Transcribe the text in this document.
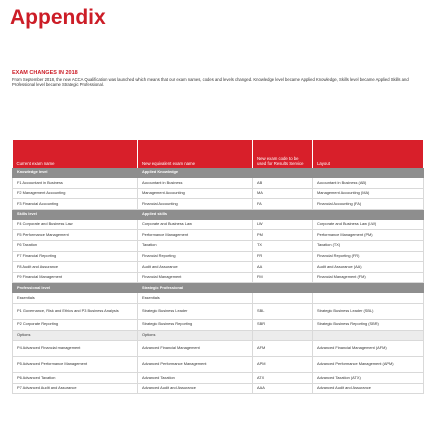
Appendix
EXAM CHANGES IN 2018
From September 2018, the new ACCA Qualification was launched which means that our exam names, codes and levels changed. Knowledge level became Applied Knowledge, Skills level became Applied Skills and Professional level became Strategic Professional.
Current exam name	New equivalent exam name	New exam code to be used for Results Service	Layout
Knowledge level	Applied Knowledge		
F1 Accountant in Business	Accountant in Business	AB	Accountant in Business (AB)
F2 Management Accounting	Management Accounting	MA	Management Accounting (MA)
F3 Financial Accounting	Financial Accounting	FA	Financial Accounting (FA)
Skills level	Applied skills		
F4 Corporate and Business Law	Corporate and Business Law	LW	Corporate and Business Law (LW)
F5 Performance Management	Performance Management	PM	Performance Management (PM)
F6 Taxation	Taxation	TX	Taxation (TX)
F7 Financial Reporting	Financial Reporting	FR	Financial Reporting (FR)
F8 Audit and Assurance	Audit and Assurance	AA	Audit and Assurance (AA)
F9 Financial Management	Financial Management	FM	Financial Management (FM)
Professional level	Strategic Professional		
Essentials	Essentials		
P1 Governance, Risk and Ethics and P3 Business Analysis	Strategic Business Leader	SBL	Strategic Business Leader (SBL)
P2 Corporate Reporting	Strategic Business Reporting	SBR	Strategic Business Reporting (SBR)
Options	Options		
P4 Advanced Financial management	Advanced Financial Management	AFM	Advanced Financial Management (AFM)
P5 Advanced Performance Management	Advanced Performance Management	APM	Advanced Performance Management (APM)
P6 Advanced Taxation	Advanced Taxation	ATX	Advanced Taxation (ATX)
P7 Advanced Audit and Assurance	Advanced Audit and Assurance	AAA	Advanced Audit and Assurance
